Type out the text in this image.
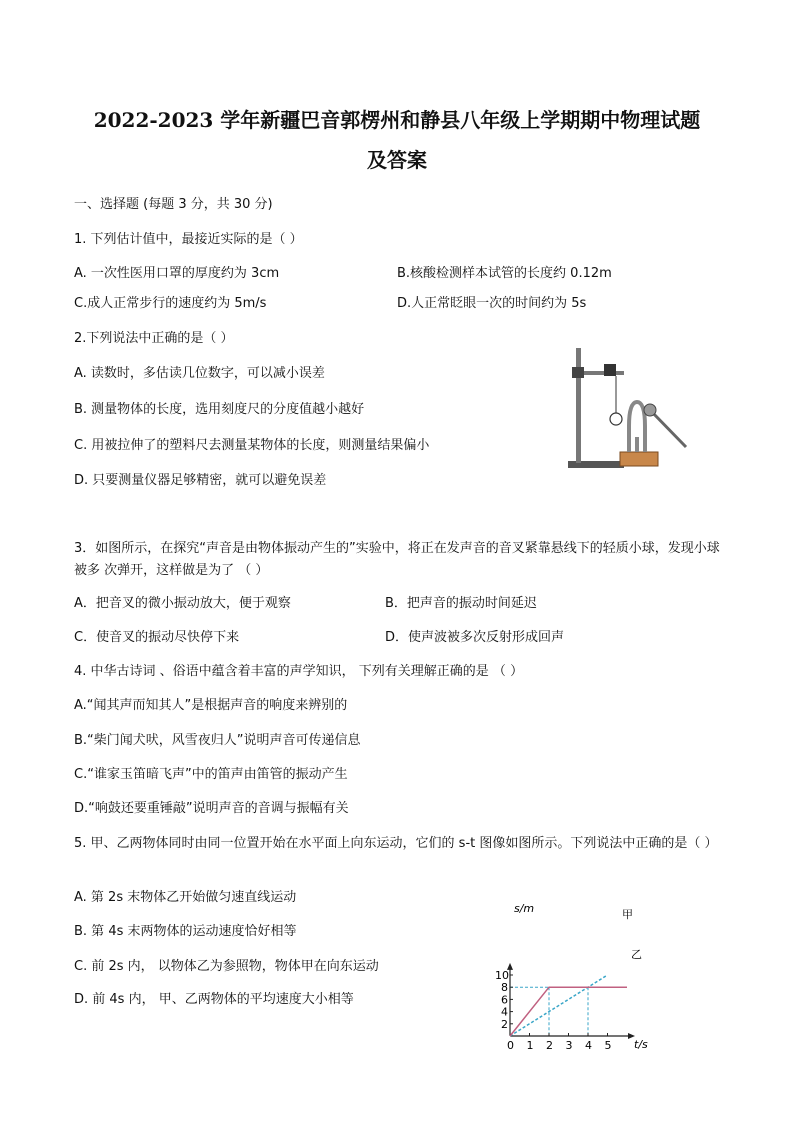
2022-2023 学年新疆巴音郭楞州和静县八年级上学期期中物理试题
及答案
一、选择题 (每题 3 分，共 30 分)
1. 下列估计值中，最接近实际的是（ ）
A. 一次性医用口罩的厚度约为 3cm	B.核酸检测样本试管的长度约 0.12m
C.成人正常步行的速度约为 5m/s	D.人正常眨眼一次的时间约为 5s
2.下列说法中正确的是（ ）
A. 读数时，多估读几位数字，可以减小误差
B. 测量物体的长度，选用刻度尺的分度值越小越好
C. 用被拉伸了的塑料尺去测量某物体的长度，则测量结果偏小
D. 只要测量仪器足够精密，就可以避免误差
3．如图所示，在探究“声音是由物体振动产生的”实验中，将正在发声音的音叉紧靠悬线下的轻质小球，发现小球被多 次弹开，这样做是为了 （ ）
A．把音叉的微小振动放大，便于观察	B．把声音的振动时间延迟
C．使音叉的振动尽快停下来	D．使声波被多次反射形成回声
4. 中华古诗词 、俗语中蕴含着丰富的声学知识， 下列有关理解正确的是 （ ）
A.“闻其声而知其人”是根据声音的响度来辨别的
B.“柴门闻犬吠，风雪夜归人”说明声音可传递信息
C.“谁家玉笛暗飞声”中的笛声由笛管的振动产生
D.“响鼓还要重锤敲”说明声音的音调与振幅有关
5. 甲、乙两物体同时由同一位置开始在水平面上向东运动，它们的 s-t 图像如图所示。下列说法中正确的是（ ）
A. 第 2s 末物体乙开始做匀速直线运动
B. 第 4s 末两物体的运动速度恰好相等
C. 前 2s 内， 以物体乙为参照物，物体甲在向东运动
D. 前 4s 内， 甲、乙两物体的平均速度大小相等
0 1 2 3 4 5
2
4
6
8
10
s/m
t/s
甲
乙
